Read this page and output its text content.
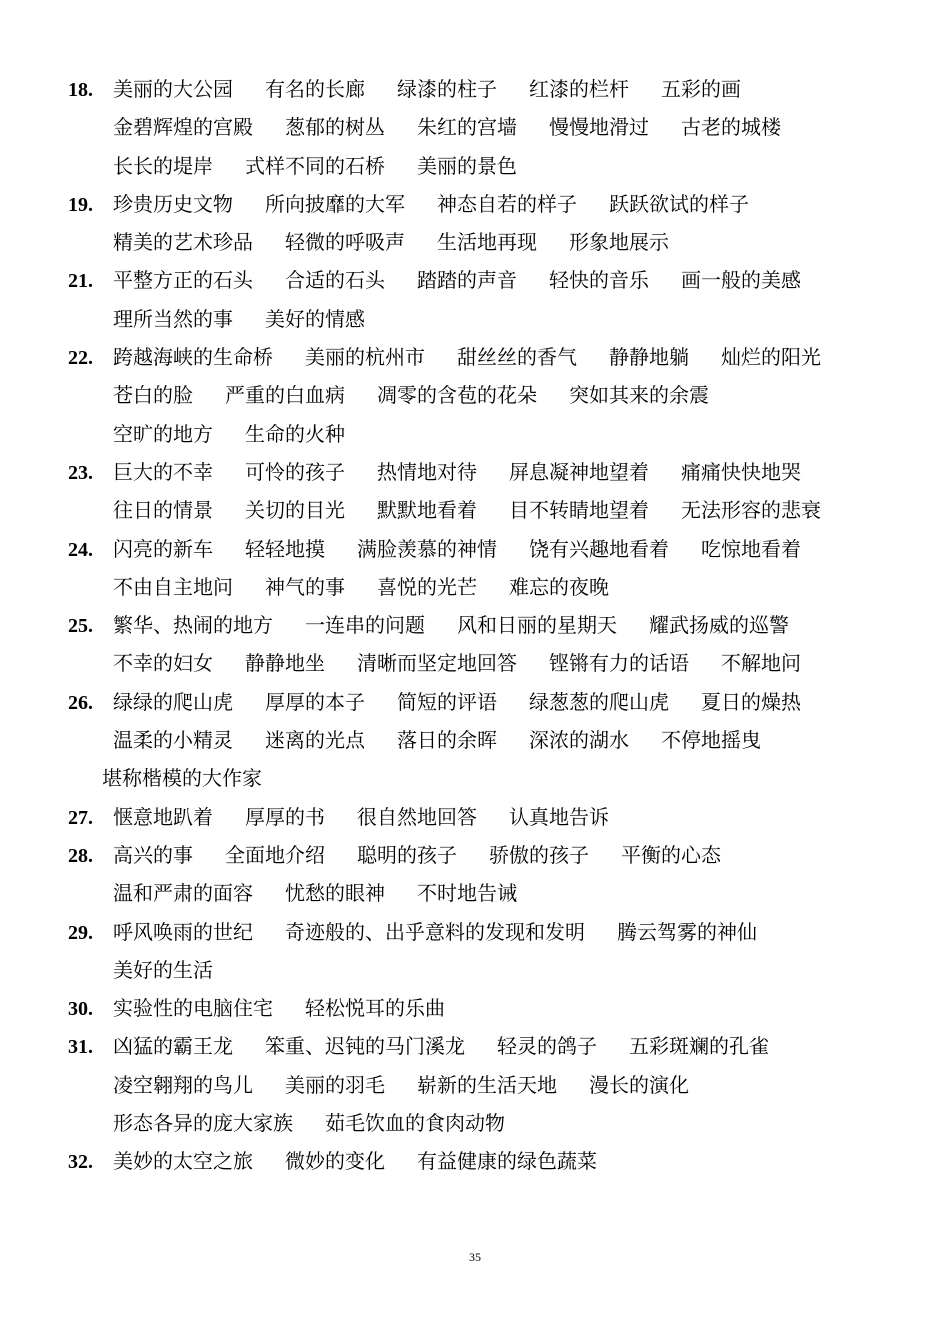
18. 美丽的大公园 有名的长廊 绿漆的柱子 红漆的栏杆 五彩的画
金碧辉煌的宫殿 葱郁的树丛 朱红的宫墙 慢慢地滑过 古老的城楼
长长的堤岸 式样不同的石桥 美丽的景色
19. 珍贵历史文物 所向披靡的大军 神态自若的样子 跃跃欲试的样子
精美的艺术珍品 轻微的呼吸声 生活地再现 形象地展示
21. 平整方正的石头 合适的石头 踏踏的声音 轻快的音乐 画一般的美感
理所当然的事 美好的情感
22. 跨越海峡的生命桥 美丽的杭州市 甜丝丝的香气 静静地躺 灿烂的阳光
苍白的脸 严重的白血病 凋零的含苞的花朵 突如其来的余震
空旷的地方 生命的火种
23. 巨大的不幸 可怜的孩子 热情地对待 屏息凝神地望着 痛痛快快地哭
往日的情景 关切的目光 默默地看着 目不转睛地望着 无法形容的悲衰
24. 闪亮的新车 轻轻地摸 满脸羡慕的神情 饶有兴趣地看着 吃惊地看着
不由自主地问 神气的事 喜悦的光芒 难忘的夜晚
25. 繁华、热闹的地方 一连串的问题 风和日丽的星期天 耀武扬威的巡警
不幸的妇女 静静地坐 清晰而坚定地回答 铿锵有力的话语 不解地问
26. 绿绿的爬山虎 厚厚的本子 简短的评语 绿葱葱的爬山虎 夏日的燥热
温柔的小精灵 迷离的光点 落日的余晖 深浓的湖水 不停地摇曳
堪称楷模的大作家
27. 惬意地趴着 厚厚的书 很自然地回答 认真地告诉
28. 高兴的事 全面地介绍 聪明的孩子 骄傲的孩子 平衡的心态
温和严肃的面容 忧愁的眼神 不时地告诫
29. 呼风唤雨的世纪 奇迹般的、出乎意料的发现和发明 腾云驾雾的神仙
美好的生活
30. 实验性的电脑住宅 轻松悦耳的乐曲
31. 凶猛的霸王龙 笨重、迟钝的马门溪龙 轻灵的鸽子 五彩斑斓的孔雀
凌空翱翔的鸟儿 美丽的羽毛 崭新的生活天地 漫长的演化
形态各异的庞大家族 茹毛饮血的食肉动物
32. 美妙的太空之旅 微妙的变化 有益健康的绿色蔬菜
35
